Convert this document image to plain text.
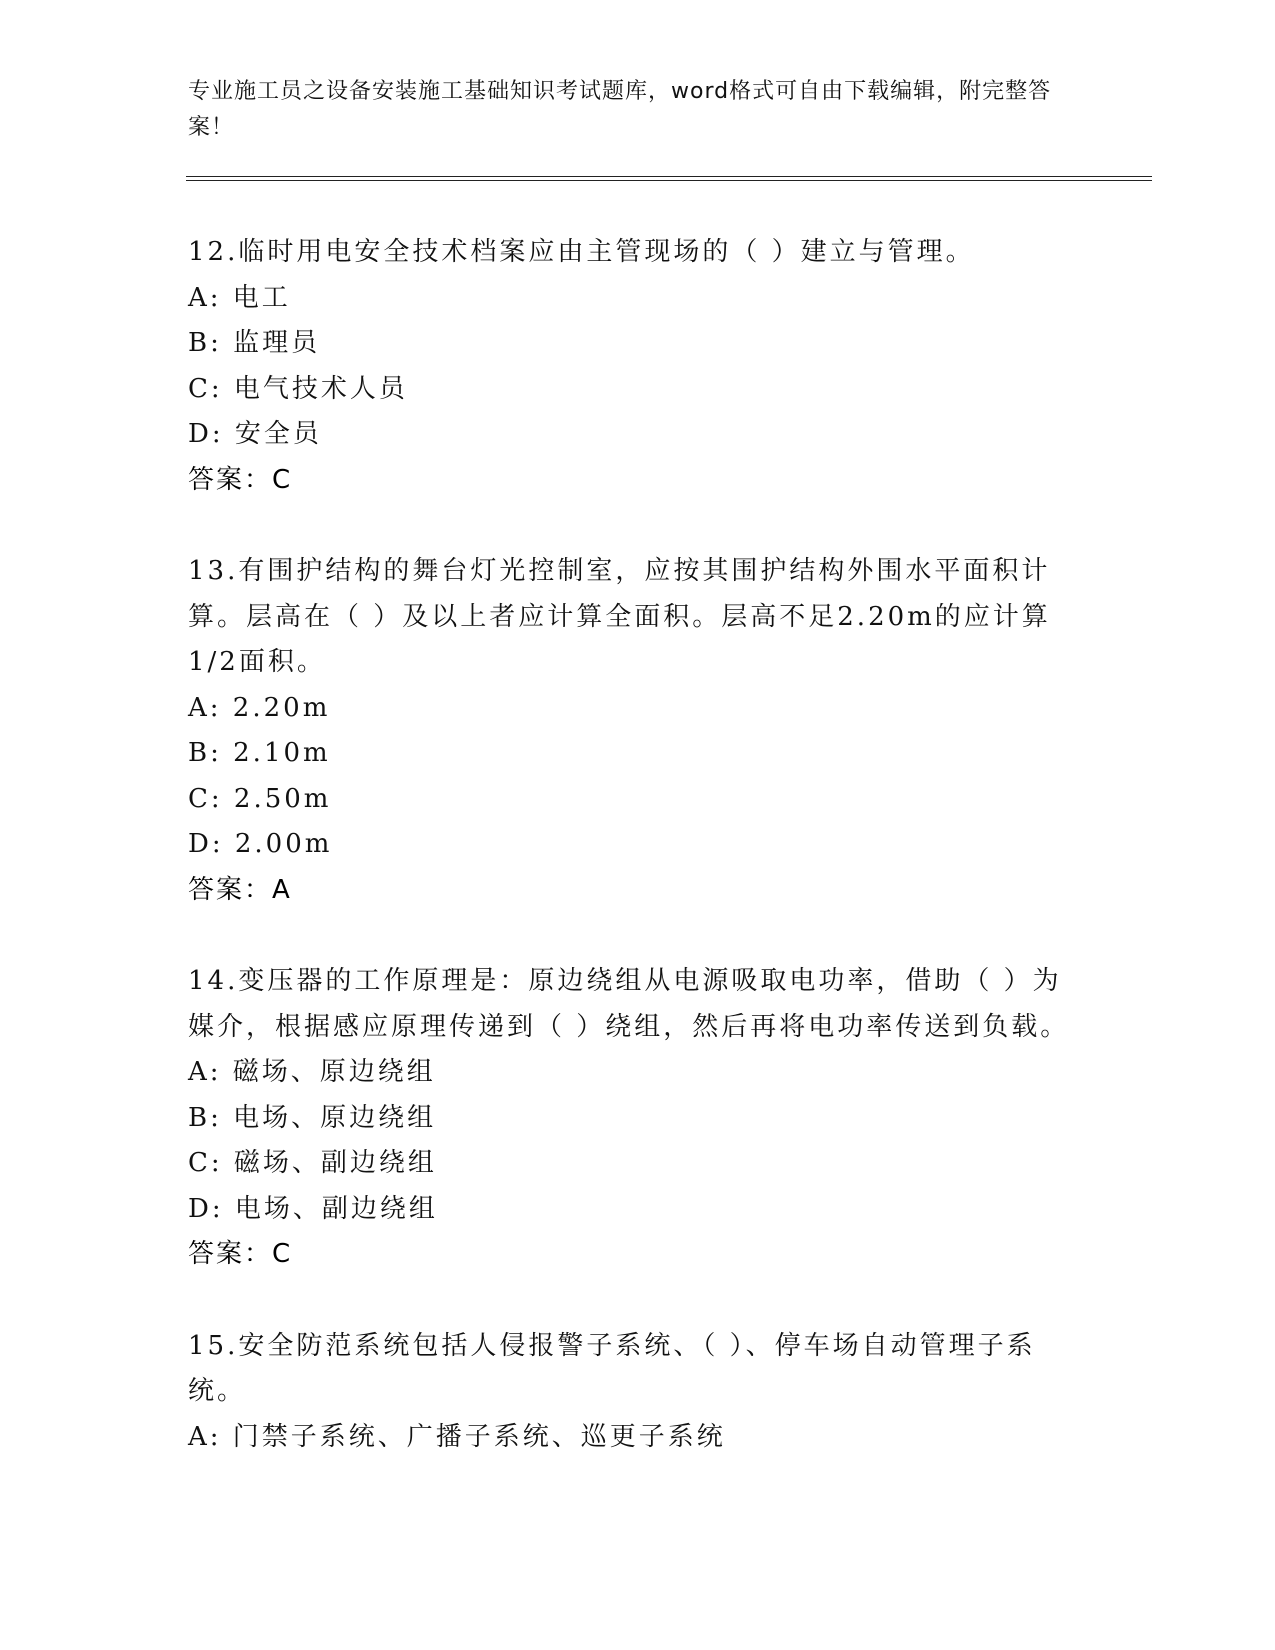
专业施工员之设备安装施工基础知识考试题库，word格式可自由下载编辑，附完整答案！
12.临时用电安全技术档案应由主管现场的（ ）建立与管理。
A: 电工
B: 监理员
C: 电气技术人员
D: 安全员
答案：C
13.有围护结构的舞台灯光控制室，应按其围护结构外围水平面积计算。层高在（ ）及以上者应计算全面积。层高不足2.20m的应计算1/2面积。
A: 2.20m
B: 2.10m
C: 2.50m
D: 2.00m
答案：A
14.变压器的工作原理是：原边绕组从电源吸取电功率，借助（ ）为媒介，根据感应原理传递到（ ）绕组，然后再将电功率传送到负载。
A: 磁场、原边绕组
B: 电场、原边绕组
C: 磁场、副边绕组
D: 电场、副边绕组
答案：C
15.安全防范系统包括人侵报警子系统、（ ）、停车场自动管理子系统。
A: 门禁子系统、广播子系统、巡更子系统
